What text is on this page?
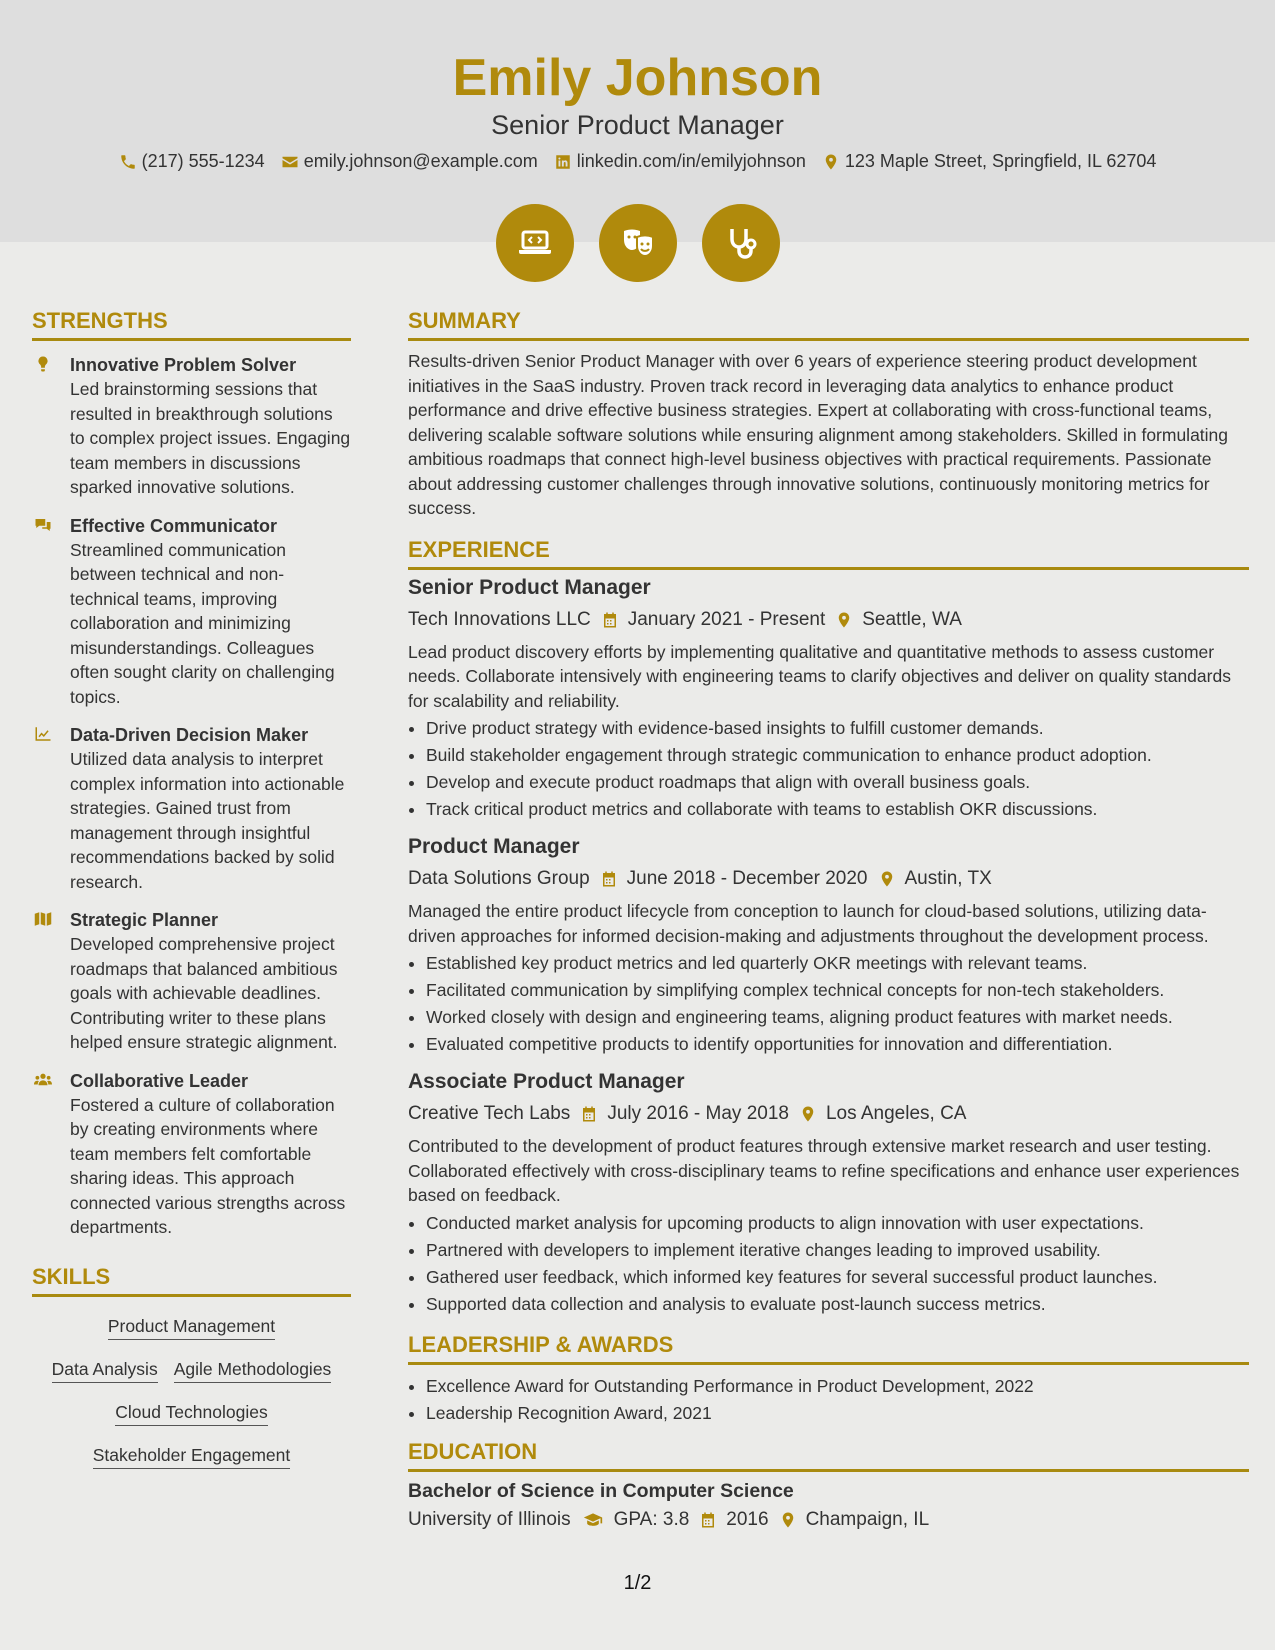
Emily Johnson
Senior Product Manager
(217) 555-1234 emily.johnson@example.com linkedin.com/in/emilyjohnson 123 Maple Street, Springfield, IL 62704
STRENGTHS
Innovative Problem Solver
Led brainstorming sessions that resulted in breakthrough solutions to complex project issues. Engaging team members in discussions sparked innovative solutions.
Effective Communicator
Streamlined communication between technical and non-technical teams, improving collaboration and minimizing misunderstandings. Colleagues often sought clarity on challenging topics.
Data-Driven Decision Maker
Utilized data analysis to interpret complex information into actionable strategies. Gained trust from management through insightful recommendations backed by solid research.
Strategic Planner
Developed comprehensive project roadmaps that balanced ambitious goals with achievable deadlines. Contributing writer to these plans helped ensure strategic alignment.
Collaborative Leader
Fostered a culture of collaboration by creating environments where team members felt comfortable sharing ideas. This approach connected various strengths across departments.
SKILLS
Product Management
Data Analysis Agile Methodologies
Cloud Technologies
Stakeholder Engagement
SUMMARY
Results-driven Senior Product Manager with over 6 years of experience steering product development initiatives in the SaaS industry. Proven track record in leveraging data analytics to enhance product performance and drive effective business strategies. Expert at collaborating with cross-functional teams, delivering scalable software solutions while ensuring alignment among stakeholders. Skilled in formulating ambitious roadmaps that connect high-level business objectives with practical requirements. Passionate about addressing customer challenges through innovative solutions, continuously monitoring metrics for success.
EXPERIENCE
Senior Product Manager
Tech Innovations LLC January 2021 - Present Seattle, WA
Lead product discovery efforts by implementing qualitative and quantitative methods to assess customer needs. Collaborate intensively with engineering teams to clarify objectives and deliver on quality standards for scalability and reliability.
• Drive product strategy with evidence-based insights to fulfill customer demands.
• Build stakeholder engagement through strategic communication to enhance product adoption.
• Develop and execute product roadmaps that align with overall business goals.
• Track critical product metrics and collaborate with teams to establish OKR discussions.
Product Manager
Data Solutions Group June 2018 - December 2020 Austin, TX
Managed the entire product lifecycle from conception to launch for cloud-based solutions, utilizing data-driven approaches for informed decision-making and adjustments throughout the development process.
• Established key product metrics and led quarterly OKR meetings with relevant teams.
• Facilitated communication by simplifying complex technical concepts for non-tech stakeholders.
• Worked closely with design and engineering teams, aligning product features with market needs.
• Evaluated competitive products to identify opportunities for innovation and differentiation.
Associate Product Manager
Creative Tech Labs July 2016 - May 2018 Los Angeles, CA
Contributed to the development of product features through extensive market research and user testing. Collaborated effectively with cross-disciplinary teams to refine specifications and enhance user experiences based on feedback.
• Conducted market analysis for upcoming products to align innovation with user expectations.
• Partnered with developers to implement iterative changes leading to improved usability.
• Gathered user feedback, which informed key features for several successful product launches.
• Supported data collection and analysis to evaluate post-launch success metrics.
LEADERSHIP & AWARDS
• Excellence Award for Outstanding Performance in Product Development, 2022
• Leadership Recognition Award, 2021
EDUCATION
Bachelor of Science in Computer Science
University of Illinois GPA: 3.8 2016 Champaign, IL
1/2
